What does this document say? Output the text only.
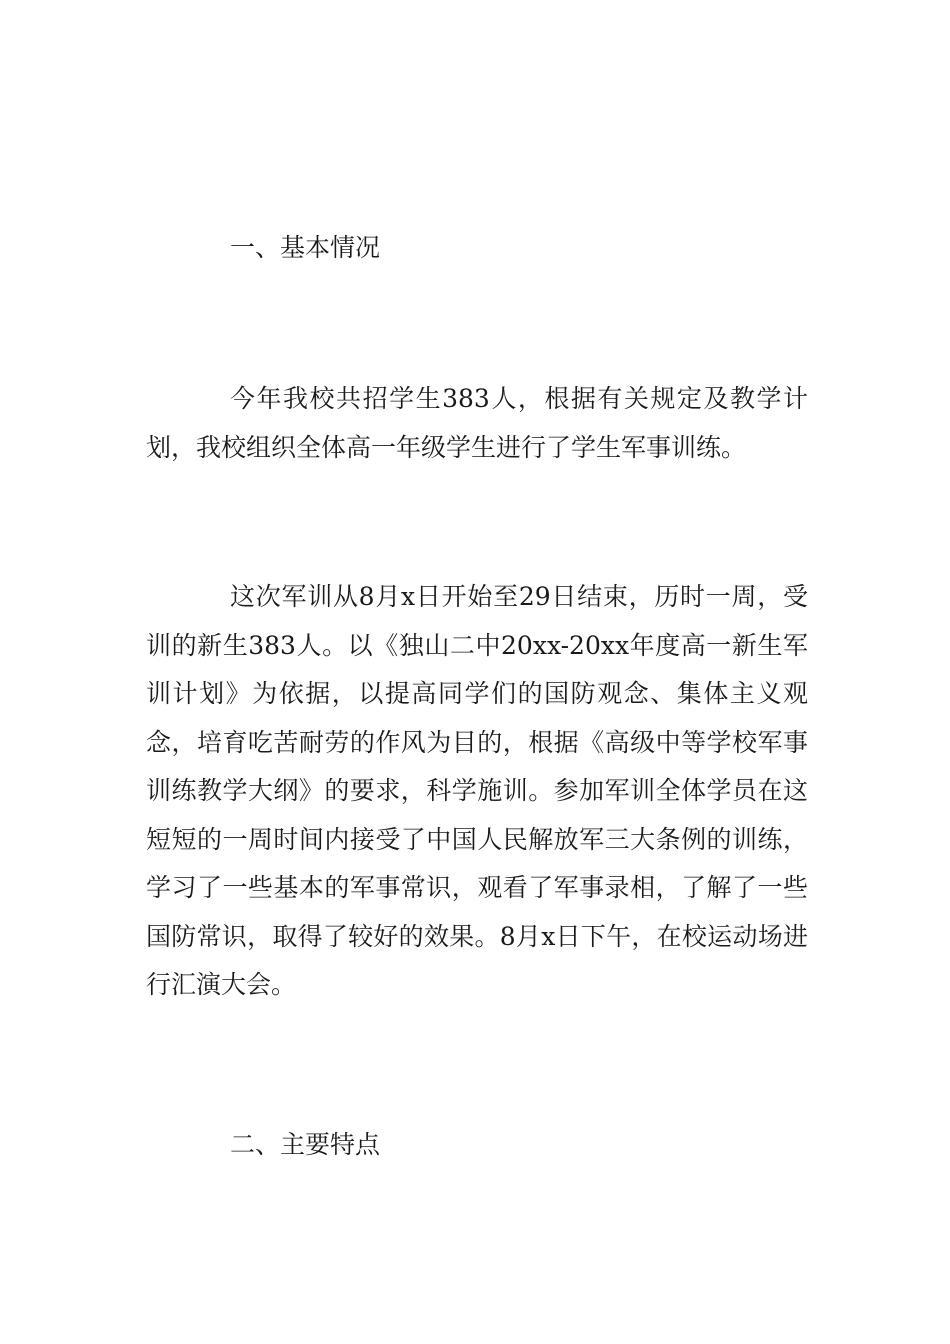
一、基本情况

今年我校共招学生383人，根据有关规定及教学计划，我校组织全体高一年级学生进行了学生军事训练。

这次军训从8月x日开始至29日结束，历时一周，受训的新生383人。以《独山二中20xx-20xx年度高一新生军训计划》为依据，以提高同学们的国防观念、集体主义观念，培育吃苦耐劳的作风为目的，根据《高级中等学校军事训练教学大纲》的要求，科学施训。参加军训全体学员在这短短的一周时间内接受了中国人民解放军三大条例的训练，学习了一些基本的军事常识，观看了军事录相，了解了一些国防常识，取得了较好的效果。8月x日下午，在校运动场进行汇演大会。

二、主要特点
